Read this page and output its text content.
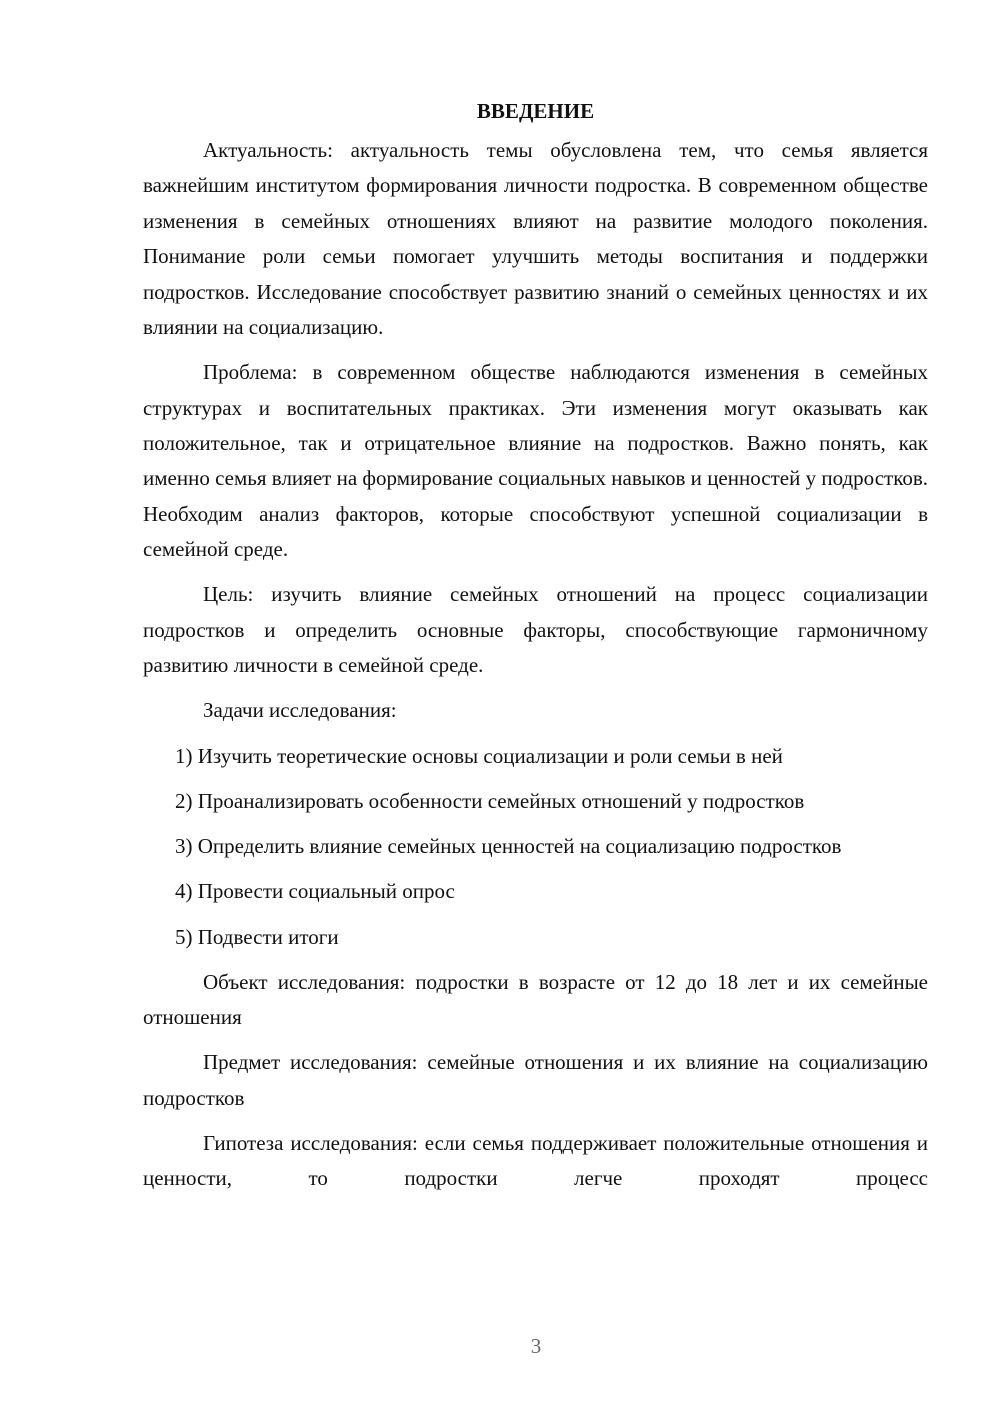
ВВЕДЕНИЕ

Актуальность: актуальность темы обусловлена тем, что семья является важнейшим институтом формирования личности подростка. В современном обществе изменения в семейных отношениях влияют на развитие молодого поколения. Понимание роли семьи помогает улучшить методы воспитания и поддержки подростков. Исследование способствует развитию знаний о семейных ценностях и их влиянии на социализацию.

Проблема: в современном обществе наблюдаются изменения в семейных структурах и воспитательных практиках. Эти изменения могут оказывать как положительное, так и отрицательное влияние на подростков. Важно понять, как именно семья влияет на формирование социальных навыков и ценностей у подростков. Необходим анализ факторов, которые способствуют успешной социализации в семейной среде.

Цель: изучить влияние семейных отношений на процесс социализации подростков и определить основные факторы, способствующие гармоничному развитию личности в семейной среде.

Задачи исследования:

1) Изучить теоретические основы социализации и роли семьи в ней

2) Проанализировать особенности семейных отношений у подростков

3) Определить влияние семейных ценностей на социализацию подростков

4) Провести социальный опрос

5) Подвести итоги

Объект исследования: подростки в возрасте от 12 до 18 лет и их семейные отношения

Предмет исследования: семейные отношения и их влияние на социализацию подростков

Гипотеза исследования: если семья поддерживает положительные отношения и ценности, то подростки легче проходят процесс

3
